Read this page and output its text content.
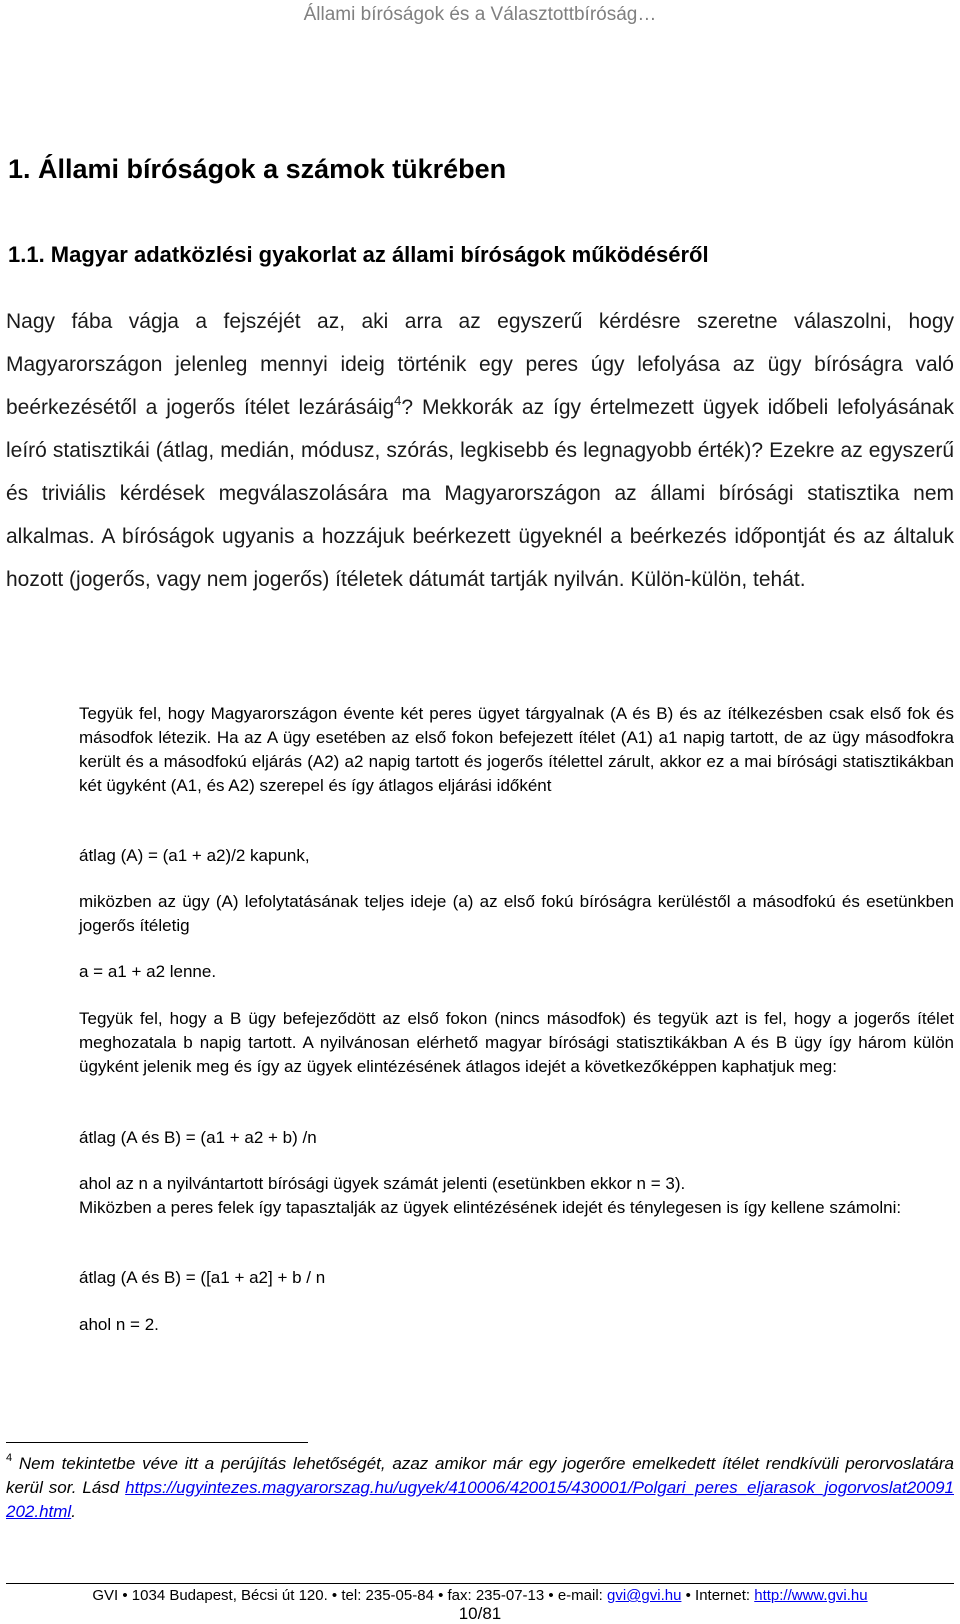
Állami bíróságok és a Választottbíróság…
1. Állami bíróságok a számok tükrében
1.1. Magyar adatközlési gyakorlat az állami bíróságok működéséről

Nagy fába vágja a fejszéjét az, aki arra az egyszerű kérdésre szeretne válaszolni, hogy Magyarországon jelenleg mennyi ideig történik egy peres úgy lefolyása az ügy bíróságra való beérkezésétől a jogerős ítélet lezárásáig$^4$? Mekkorák az így értelmezett ügyek időbeli lefolyásának leíró statisztikái (átlag, medián, módusz, szórás, legkisebb és legnagyobb érték)? Ezekre az egyszerű és triviális kérdések megválaszolására ma Magyarországon az állami bírósági statisztika nem alkalmas. A bíróságok ugyanis a hozzájuk beérkezett ügyeknél a beérkezés időpontját és az általuk hozott (jogerős, vagy nem jogerős) ítéletek dátumát tartják nyilván. Külön-külön, tehát.

Tegyük fel, hogy Magyarországon évente két peres ügyet tárgyalnak (A és B) és az ítélkezésben csak első fok és másodfok létezik. Ha az A ügy esetében az első fokon befejezett ítélet (A1) a1 napig tartott, de az ügy másodfokra került és a másodfokú eljárás (A2) a2 napig tartott és jogerős ítélettel zárult, akkor ez a mai bírósági statisztikákban két ügyként (A1, és A2) szerepel és így átlagos eljárási időként

átlag (A) = (a1 + a2)/2 kapunk,

miközben az ügy (A) lefolytatásának teljes ideje (a) az első fokú bíróságra kerüléstől a másodfokú és esetünkben jogerős ítéletig

a = a1 + a2 lenne.

Tegyük fel, hogy a B ügy befejeződött az első fokon (nincs másodfok) és tegyük azt is fel, hogy a jogerős ítélet meghozatala b napig tartott. A nyilvánosan elérhető magyar bírósági statisztikákban A és B ügy így három külön ügyként jelenik meg és így az ügyek elintézésének átlagos idejét a következőképpen kaphatjuk meg:

átlag (A és B) = (a1 + a2 + b) /n

ahol az n a nyilvántartott bírósági ügyek számát jelenti (esetünkben ekkor n = 3).
Miközben a peres felek így tapasztalják az ügyek elintézésének idejét és ténylegesen is így kellene számolni:

átlag (A és B) = ([a1 + a2] + b / n

ahol n = 2.

$^4$ Nem tekintetbe véve itt a perújítás lehetőségét, azaz amikor már egy jogerőre emelkedett ítélet rendkívüli perorvoslatára kerül sor. Lásd https://ugyintezes.magyarorszag.hu/ugyek/410006/420015/430001/Polgari_peres_eljarasok_jogorvoslat20091202.html.

GVI • 1034 Budapest, Bécsi út 120. • tel: 235-05-84 • fax: 235-07-13 • e-mail: gvi@gvi.hu • Internet: http://www.gvi.hu
10/81
